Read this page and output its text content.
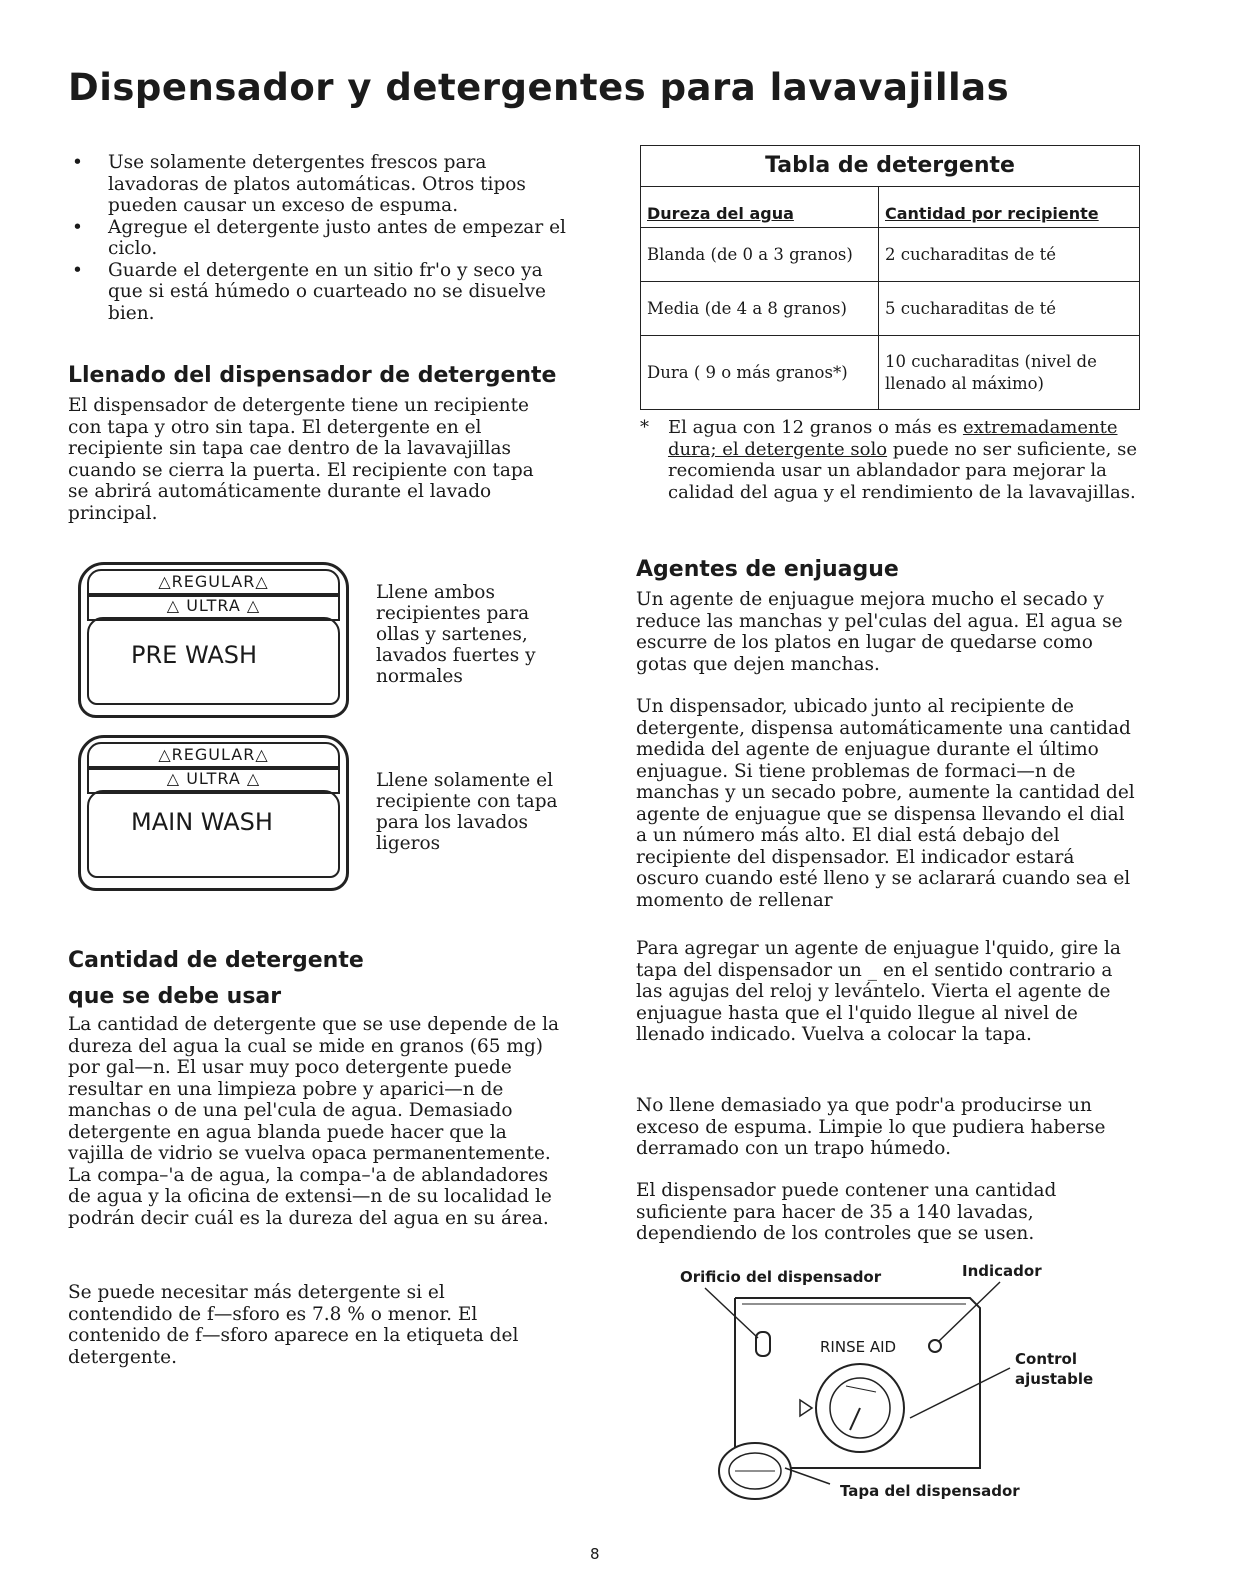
Dispensador y detergentes para lavavajillas
• Use solamente detergentes frescos para lavadoras de platos automáticas. Otros tipos pueden causar un exceso de espuma.
• Agregue el detergente justo antes de empezar el ciclo.
• Guarde el detergente en un sitio fr'o y seco ya que si está húmedo o cuarteado no se disuelve bien.
Llenado del dispensador de detergente

El dispensador de detergente tiene un recipiente con tapa y otro sin tapa. El detergente en el recipiente sin tapa cae dentro de la lavavajillas cuando se cierra la puerta. El recipiente con tapa se abrirá automáticamente durante el lavado principal.

△REGULAR△
△ ULTRA △
PRE WASH
Llene ambos recipientes para ollas y sartenes, lavados fuertes y normales
△REGULAR△
△ ULTRA △
MAIN WASH
Llene solamente el recipiente con tapa para los lavados ligeros
Cantidad de detergente
que se debe usar

La cantidad de detergente que se use depende de la dureza del agua la cual se mide en granos (65 mg) por gal—n. El usar muy poco detergente puede resultar en una limpieza pobre y aparici—n de manchas o de una pel'cula de agua. Demasiado detergente en agua blanda puede hacer que la vajilla de vidrio se vuelva opaca permanentemente. La compa–'a de agua, la compa–'a de ablandadores de agua y la oficina de extensi—n de su localidad le podrán decir cuál es la dureza del agua en su área.

Se puede necesitar más detergente si el contendido de f—sforo es 7.8 % o menor. El contenido de f—sforo aparece en la etiqueta del detergente.

Tabla de detergente	
Dureza del agua	Cantidad por recipiente
Blanda (de 0 a 3 granos)	2 cucharaditas de té
Media (de 4 a 8 granos)	5 cucharaditas de té
Dura ( 9 o más granos*)	10 cucharaditas (nivel de llenado al máximo)
* El agua con 12 granos o más es extremadamente dura; el detergente solo puede no ser suficiente, se recomienda usar un ablandador para mejorar la calidad del agua y el rendimiento de la lavavajillas.
Agentes de enjuague

Un agente de enjuague mejora mucho el secado y reduce las manchas y pel'culas del agua. El agua se escurre de los platos en lugar de quedarse como gotas que dejen manchas.

Un dispensador, ubicado junto al recipiente de detergente, dispensa automáticamente una cantidad medida del agente de enjuague durante el último enjuague. Si tiene problemas de formaci—n de manchas y un secado pobre, aumente la cantidad del agente de enjuague que se dispensa llevando el dial a un número más alto. El dial está debajo del recipiente del dispensador. El indicador estará oscuro cuando esté lleno y se aclarará cuando sea el momento de rellenar

Para agregar un agente de enjuague l'quido, gire la tapa del dispensador un _ en el sentido contrario a las agujas del reloj y levántelo. Vierta el agente de enjuague hasta que el l'quido llegue al nivel de llenado indicado. Vuelva a colocar la tapa.

No llene demasiado ya que podr'a producirse un exceso de espuma. Limpie lo que pudiera haberse derramado con un trapo húmedo.

El dispensador puede contener una cantidad suficiente para hacer de 35 a 140 lavadas, dependiendo de los controles que se usen.

Orificio del dispensador	Indicador
RINSE AID
Control
ajustable
Tapa del dispensador
8
